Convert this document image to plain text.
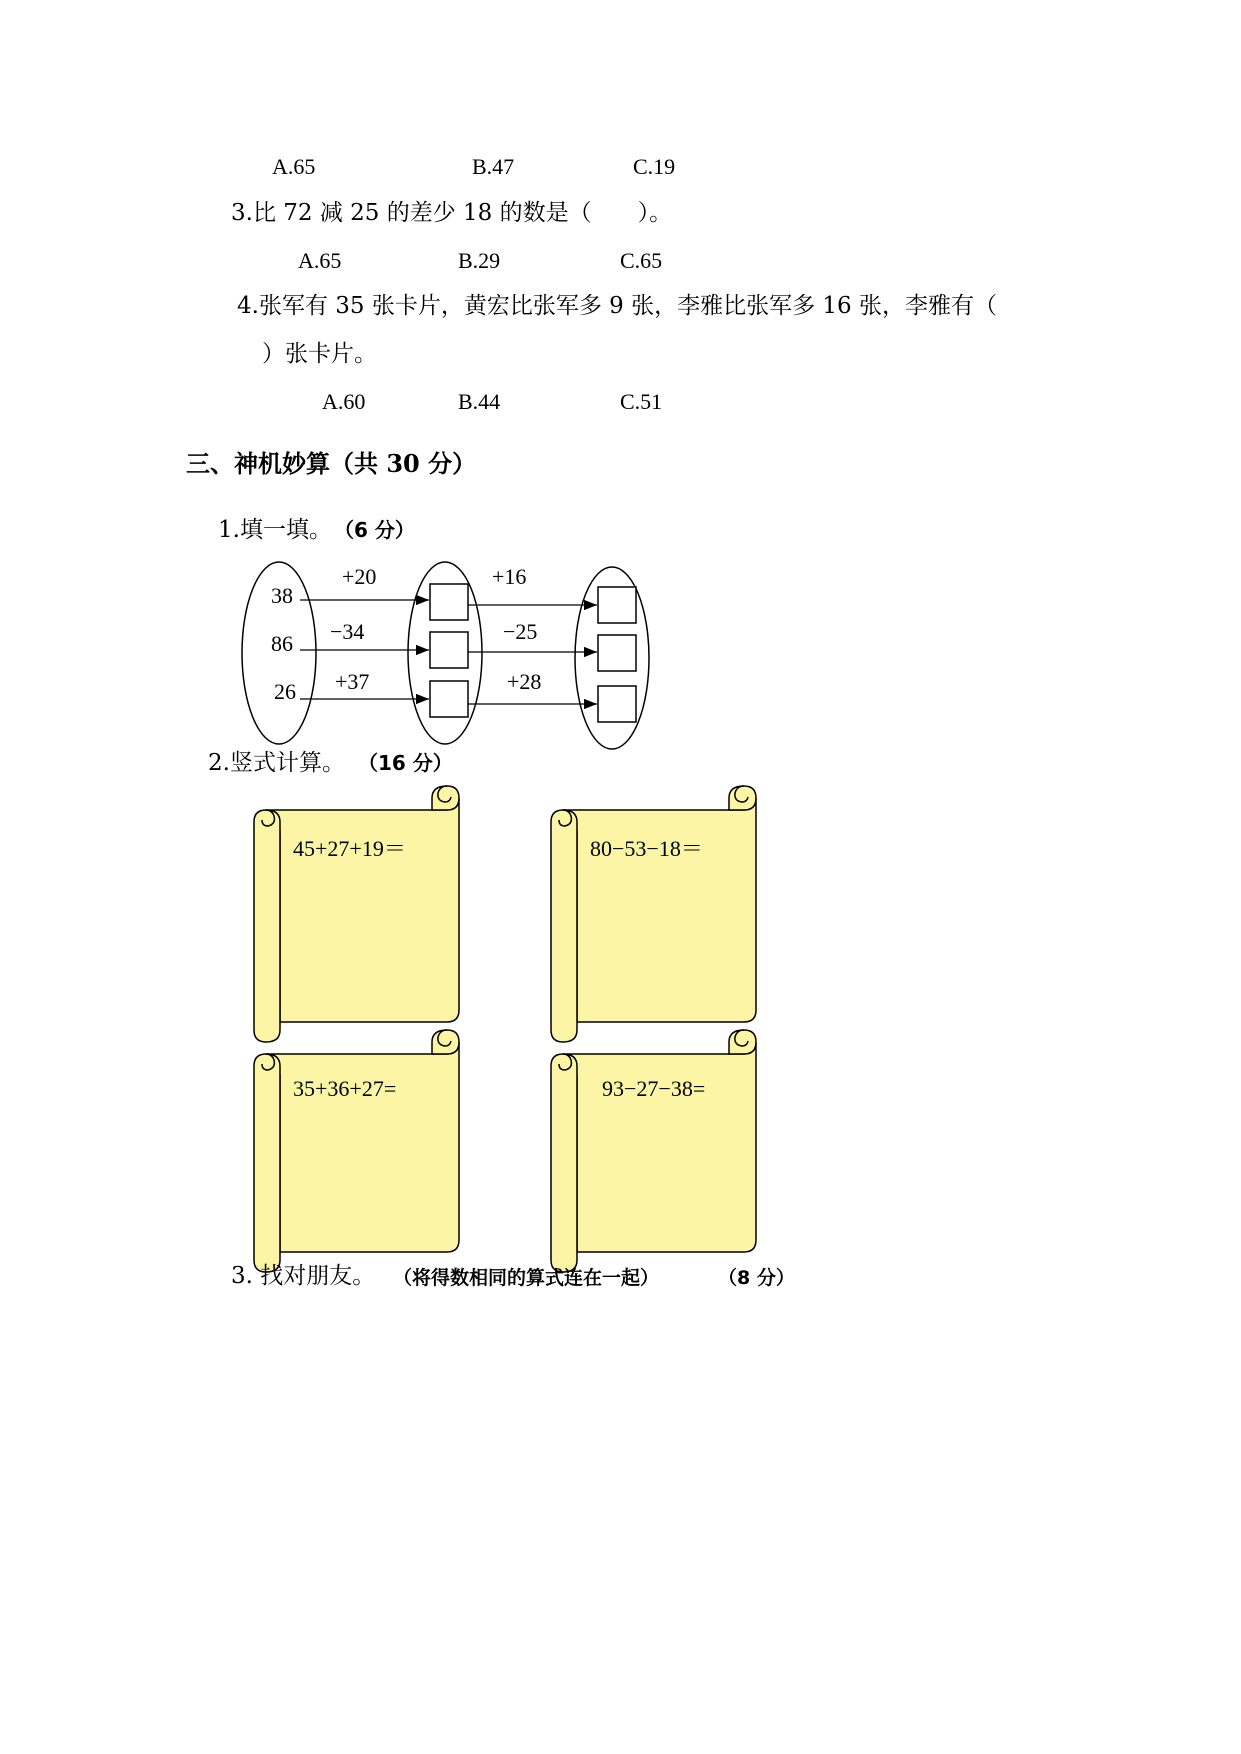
A.65	B.47	C.19
3.比 72 减 25 的差少 18 的数是（　　）。
A.65	B.29	C.65
4.张军有 35 张卡片，黄宏比张军多 9 张，李雅比张军多 16 张，李雅有（
）张卡片。
A.60	B.44	C.51
三、神机妙算（共 30 分）
1.填一填。 （6 分）
38
86
26
+20
−34
+37
+16
−25
+28
2.竖式计算。 （16 分）
45+27+19＝	80−53−18＝
35+36+27=	93−27−38=
3. 找对朋友。 （将得数相同的算式连在一起）	（8 分）
